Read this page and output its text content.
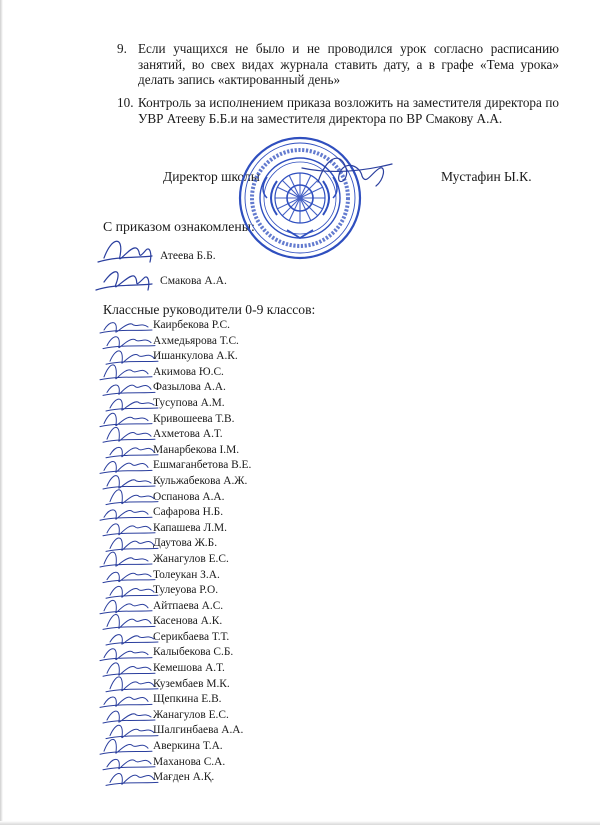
9. Если учащихся не было и не проводился урок согласно расписанию занятий, во свех видах журнала ставить дату, а в графе «Тема урока» делать запись «актированный день»
10. Контроль за исполнением приказа возложить на заместителя директора по УВР Атееву Б.Б.и на заместителя директора по ВР Смакову А.А.
Директор школы	Мустафин Ы.К.
С приказом ознакомлены:
Атеева Б.Б.
Смакова А.А.
Классные руководители 0-9 классов:
Каирбекова Р.С.
Ахмедьярова Т.С.
Ишанкулова А.К.
Акимова Ю.С.
Фазылова А.А.
Тусупова А.М.
Кривошеева Т.В.
Ахметова А.Т.
Манарбекова І.М.
Ешмаганбетова В.Е.
Кульжабекова А.Ж.
Оспанова А.А.
Сафарова Н.Б.
Капашева Л.М.
Даутова Ж.Б.
Жанагулов Е.С.
Толеукан З.А.
Тулеуова Р.О.
Айтпаева А.С.
Касенова А.К.
Серикбаева Т.Т.
Калыбекова С.Б.
Кемешова А.Т.
Кузембаев М.К.
Щепкина Е.В.
Жанагулов Е.С.
Шалгинбаева А.А.
Аверкина Т.А.
Маханова С.А.
Мағден А.Қ.
